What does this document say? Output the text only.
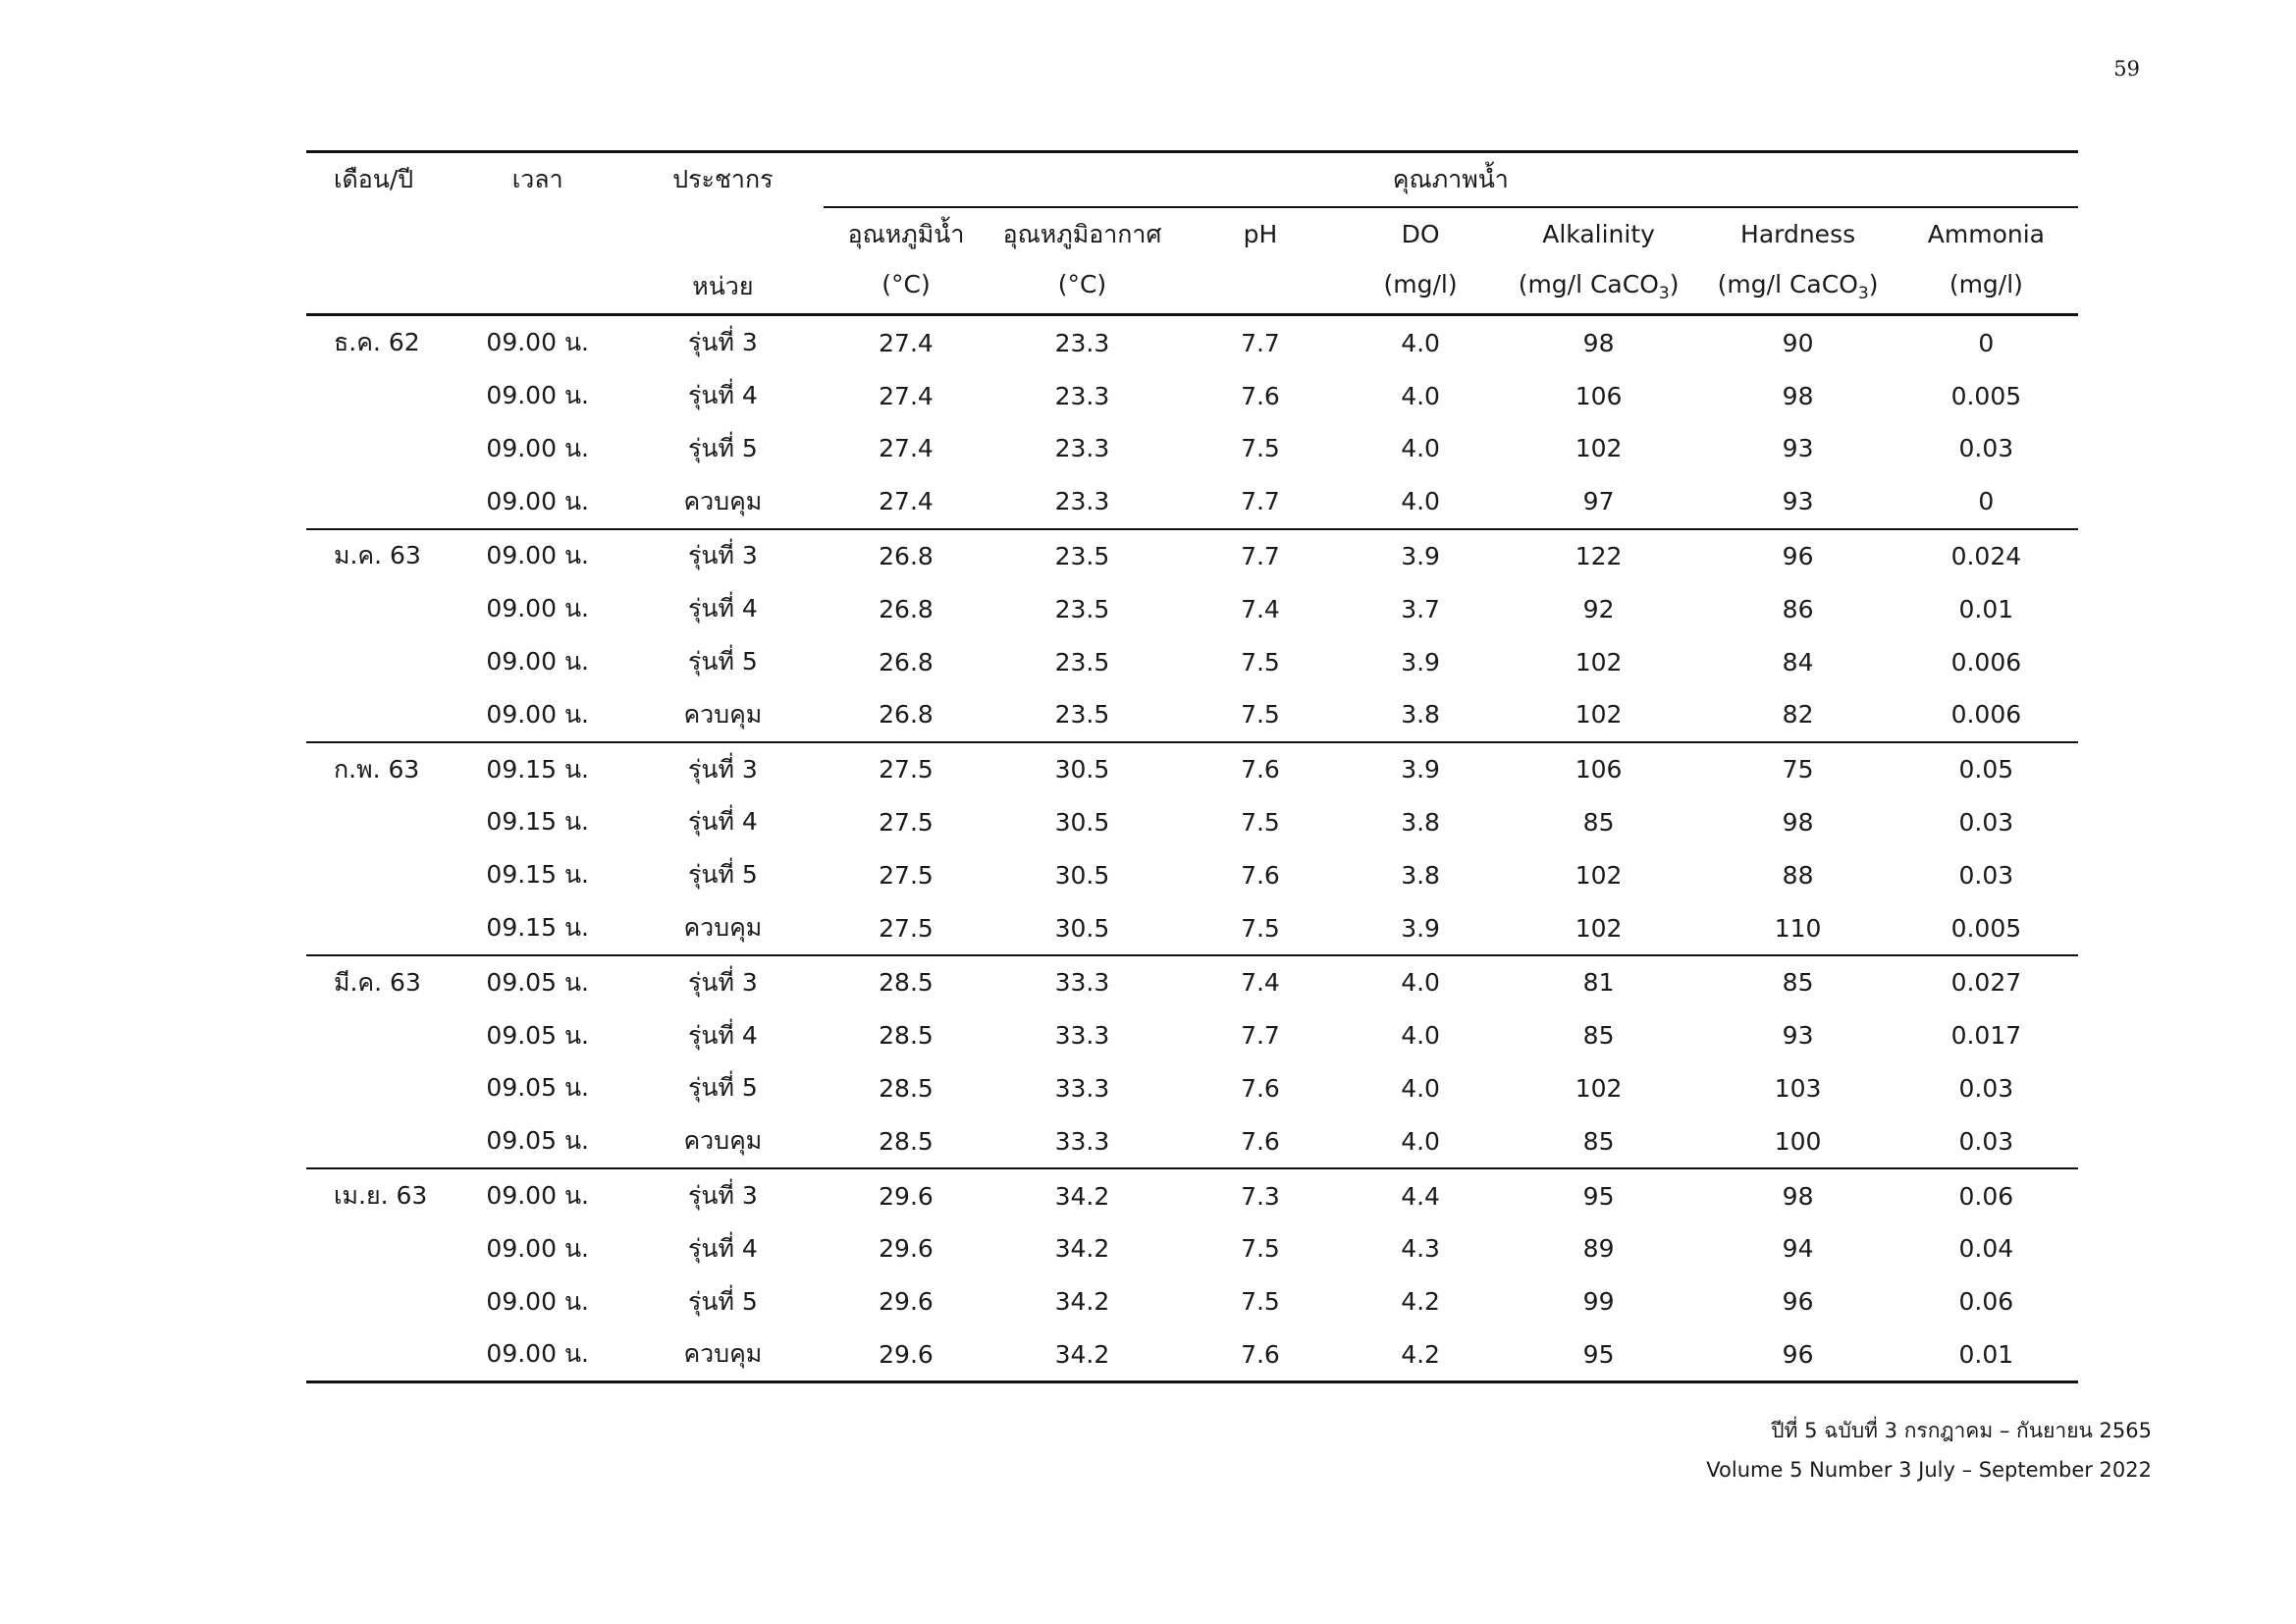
59
เดือน/ปี	เวลา	ประชากร	คุณภาพน้ำ						
			อุณหภูมิน้ำ	อุณหภูมิอากาศ	pH	DO	Alkalinity	Hardness	Ammonia
		หน่วย	(°C)	(°C)		(mg/l)	(mg/l CaCO$_3$)	(mg/l CaCO$_3$)	(mg/l)
ธ.ค. 62	09.00 น.	รุ่นที่ 3	27.4	23.3	7.7	4.0	98	90	0
	09.00 น.	รุ่นที่ 4	27.4	23.3	7.6	4.0	106	98	0.005
	09.00 น.	รุ่นที่ 5	27.4	23.3	7.5	4.0	102	93	0.03
	09.00 น.	ควบคุม	27.4	23.3	7.7	4.0	97	93	0
ม.ค. 63	09.00 น.	รุ่นที่ 3	26.8	23.5	7.7	3.9	122	96	0.024
	09.00 น.	รุ่นที่ 4	26.8	23.5	7.4	3.7	92	86	0.01
	09.00 น.	รุ่นที่ 5	26.8	23.5	7.5	3.9	102	84	0.006
	09.00 น.	ควบคุม	26.8	23.5	7.5	3.8	102	82	0.006
ก.พ. 63	09.15 น.	รุ่นที่ 3	27.5	30.5	7.6	3.9	106	75	0.05
	09.15 น.	รุ่นที่ 4	27.5	30.5	7.5	3.8	85	98	0.03
	09.15 น.	รุ่นที่ 5	27.5	30.5	7.6	3.8	102	88	0.03
	09.15 น.	ควบคุม	27.5	30.5	7.5	3.9	102	110	0.005
มี.ค. 63	09.05 น.	รุ่นที่ 3	28.5	33.3	7.4	4.0	81	85	0.027
	09.05 น.	รุ่นที่ 4	28.5	33.3	7.7	4.0	85	93	0.017
	09.05 น.	รุ่นที่ 5	28.5	33.3	7.6	4.0	102	103	0.03
	09.05 น.	ควบคุม	28.5	33.3	7.6	4.0	85	100	0.03
เม.ย. 63	09.00 น.	รุ่นที่ 3	29.6	34.2	7.3	4.4	95	98	0.06
	09.00 น.	รุ่นที่ 4	29.6	34.2	7.5	4.3	89	94	0.04
	09.00 น.	รุ่นที่ 5	29.6	34.2	7.5	4.2	99	96	0.06
	09.00 น.	ควบคุม	29.6	34.2	7.6	4.2	95	96	0.01
ปีที่ 5 ฉบับที่ 3 กรกฎาคม – กันยายน 2565
Volume 5 Number 3 July – September 2022
